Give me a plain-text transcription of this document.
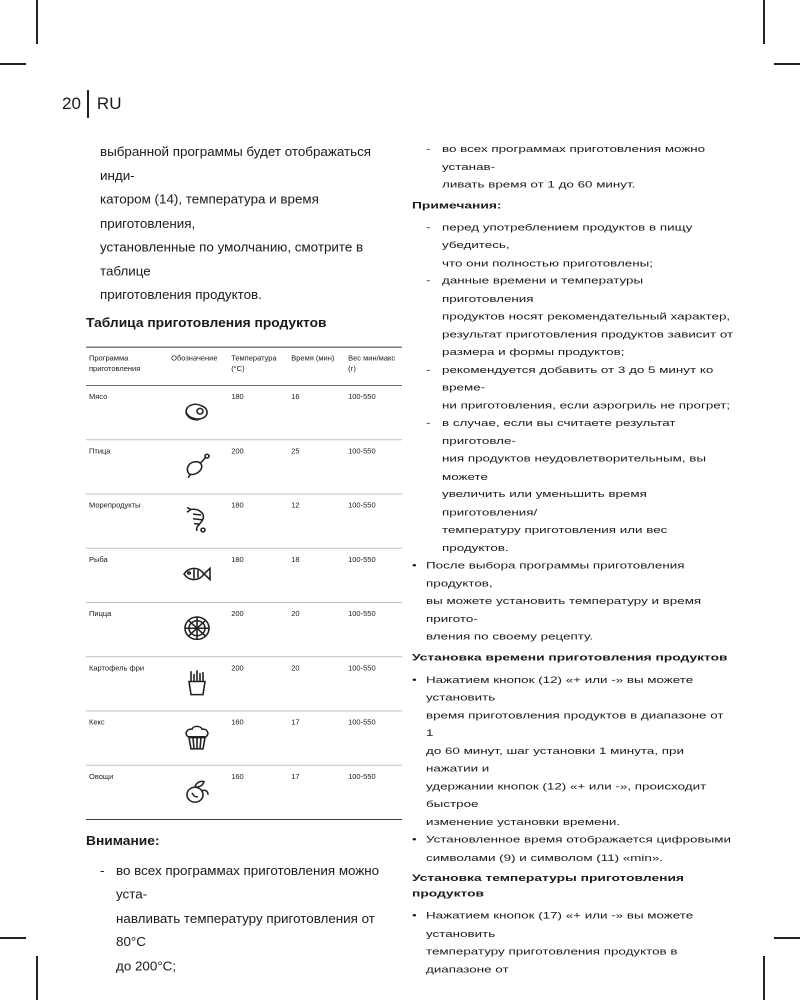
20 RU
выбранной программы будет отображаться инди-
катором (14), температура и время приготовления,
установленные по умолчанию, смотрите в таблице
приготовления продуктов.
Таблица приготовления продуктов
Программа приготовления	Обозначение	Температура (°C)	Время (мин)	Вес мин/макс (г)
Мясо		180	16	100-550
Птица		200	25	100-550
Морепродукты		180	12	100-550
Рыба		180	18	100-550
Пицца		200	20	100-550
Картофель фри		200	20	100-550
Кекс		160	17	100-550
Овощи		160	17	100-550
Внимание:
- во всех программах приготовления можно уста-
навливать температуру приготовления от 80°C
до 200°C;
- во всех программах приготовления можно устанав-
ливать время от 1 до 60 минут.
Примечания:
- перед употреблением продуктов в пищу убедитесь,
что они полностью приготовлены;
- данные времени и температуры приготовления
продуктов носят рекомендательный характер,
результат приготовления продуктов зависит от
размера и формы продуктов;
- рекомендуется добавить от 3 до 5 минут ко време-
ни приготовления, если аэрогриль не прогрет;
- в случае, если вы считаете результат приготовле-
ния продуктов неудовлетворительным, вы можете
увеличить или уменьшить время приготовления/
температуру приготовления или вес продуктов.
• После выбора программы приготовления продуктов,
вы можете установить температуру и время пригото-
вления по своему рецепту.
Установка времени приготовления продуктов
• Нажатием кнопок (12) «+ или -» вы можете установить
время приготовления продуктов в диапазоне от 1
до 60 минут, шаг установки 1 минута, при нажатии и
удержании кнопок (12) «+ или -», происходит быстрое
изменение установки времени.
• Установленное время отображается цифровыми
символами (9) и символом (11) «min».
Установка температуры приготовления продуктов
• Нажатием кнопок (17) «+ или -» вы можете установить
температуру приготовления продуктов в диапазоне от
